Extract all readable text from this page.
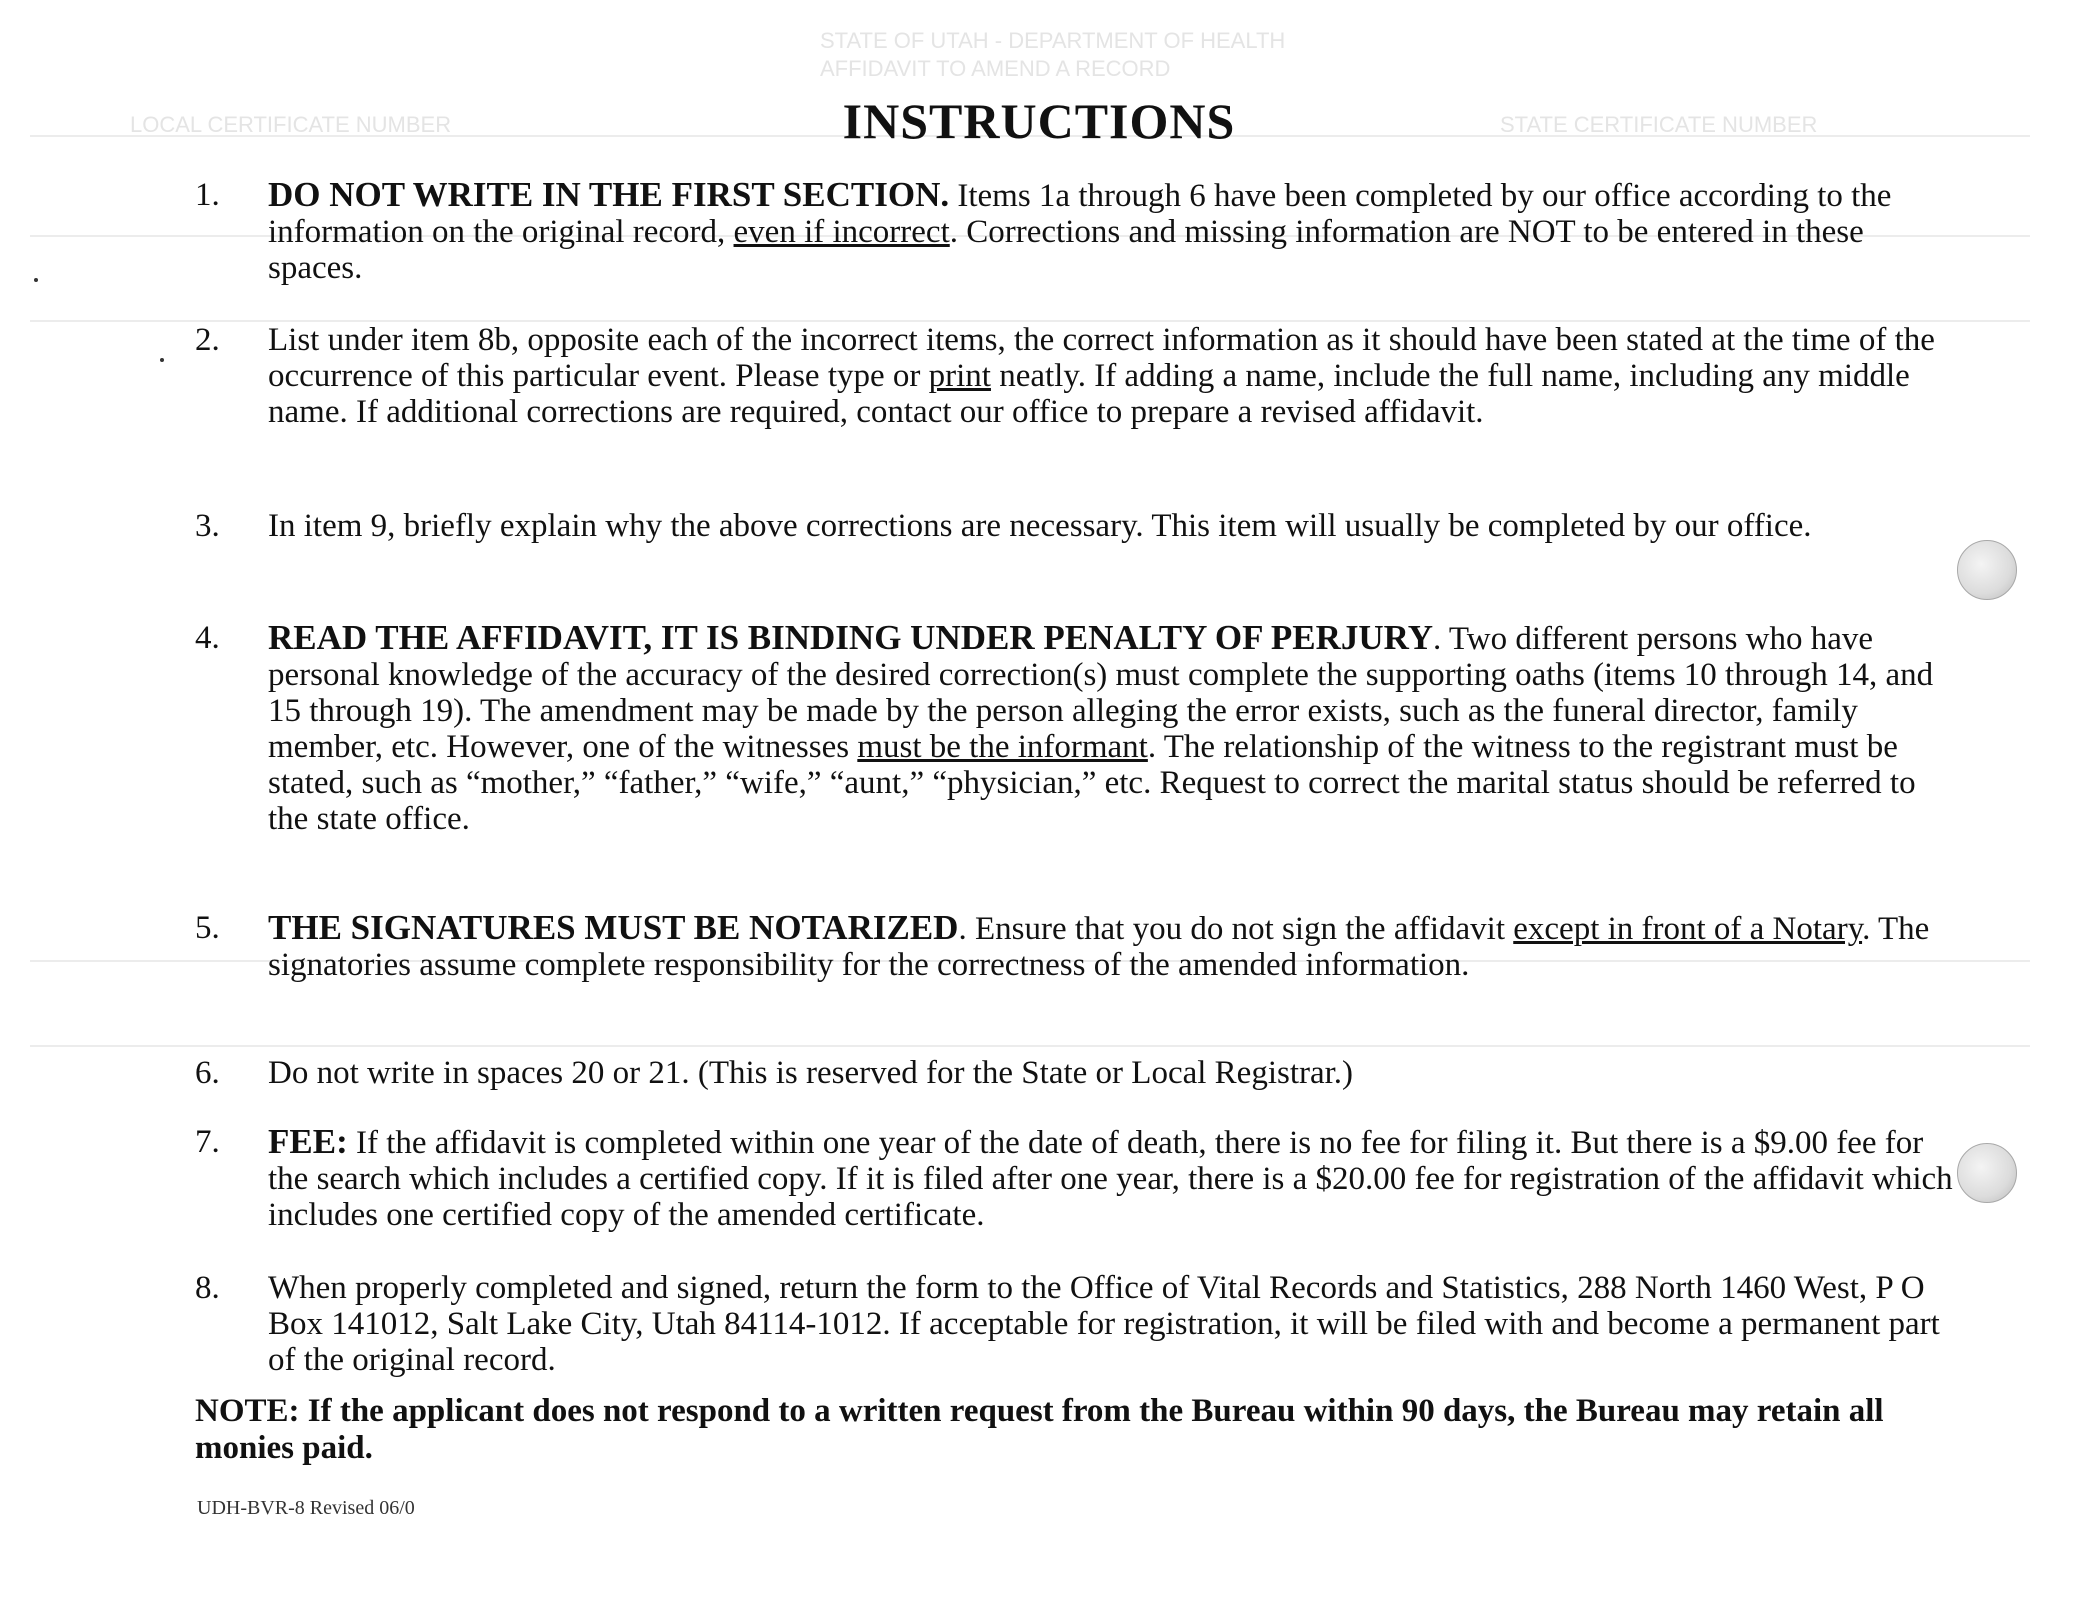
STATE OF UTAH - DEPARTMENT OF HEALTH
AFFIDAVIT TO AMEND A RECORD
LOCAL CERTIFICATE NUMBER	STATE CERTIFICATE NUMBER
INSTRUCTIONS
1.	DO NOT WRITE IN THE FIRST SECTION. Items 1a through 6 have been completed by our office according to the information on the original record, even if incorrect. Corrections and missing information are NOT to be entered in these spaces.
2.	List under item 8b, opposite each of the incorrect items, the correct information as it should have been stated at the time of the occurrence of this particular event. Please type or print neatly. If adding a name, include the full name, including any middle name. If additional corrections are required, contact our office to prepare a revised affidavit.
3.	In item 9, briefly explain why the above corrections are necessary. This item will usually be completed by our office.
4.	READ THE AFFIDAVIT, IT IS BINDING UNDER PENALTY OF PERJURY. Two different persons who have personal knowledge of the accuracy of the desired correction(s) must complete the supporting oaths (items 10 through 14, and 15 through 19). The amendment may be made by the person alleging the error exists, such as the funeral director, family member, etc. However, one of the witnesses must be the informant. The relationship of the witness to the registrant must be stated, such as “mother,” “father,” “wife,” “aunt,” “physician,” etc. Request to correct the marital status should be referred to the state office.
5.	THE SIGNATURES MUST BE NOTARIZED. Ensure that you do not sign the affidavit except in front of a Notary. The signatories assume complete responsibility for the correctness of the amended information.
6.	Do not write in spaces 20 or 21. (This is reserved for the State or Local Registrar.)
7.	FEE: If the affidavit is completed within one year of the date of death, there is no fee for filing it. But there is a $9.00 fee for the search which includes a certified copy. If it is filed after one year, there is a $20.00 fee for registration of the affidavit which includes one certified copy of the amended certificate.
8.	When properly completed and signed, return the form to the Office of Vital Records and Statistics, 288 North 1460 West, P O Box 141012, Salt Lake City, Utah 84114-1012. If acceptable for registration, it will be filed with and become a permanent part of the original record.
NOTE: If the applicant does not respond to a written request from the Bureau within 90 days, the Bureau may retain all monies paid.
UDH-BVR-8 Revised 06/0
